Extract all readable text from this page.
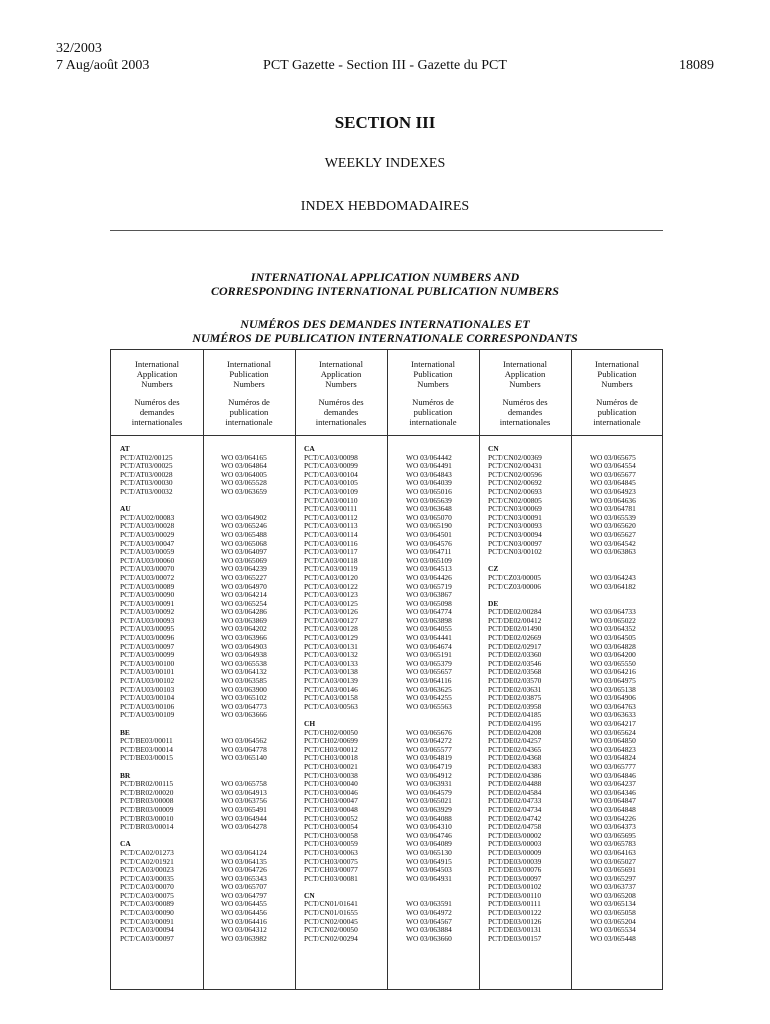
32/2003
7 Aug/août 2003	PCT Gazette - Section III - Gazette du PCT	18089
SECTION III
WEEKLY INDEXES
INDEX HEBDOMADAIRES
INTERNATIONAL APPLICATION NUMBERS AND
CORRESPONDING INTERNATIONAL PUBLICATION NUMBERS
NUMÉROS DES DEMANDES INTERNATIONALES ET
NUMÉROS DE PUBLICATION INTERNATIONALE CORRESPONDANTS
International
Application
Numbers
Numéros des
demandes
internationales
International
Publication
Numbers
Numéros de
publication
internationale
International
Application
Numbers
Numéros des
demandes
internationales
International
Publication
Numbers
Numéros de
publication
internationale
International
Application
Numbers
Numéros des
demandes
internationales
International
Publication
Numbers
Numéros de
publication
internationale
AT
PCT/AT02/00125
PCT/AT03/00025
PCT/AT03/00028
PCT/AT03/00030
PCT/AT03/00032
AU
PCT/AU02/00083
PCT/AU03/00028
PCT/AU03/00029
PCT/AU03/00047
PCT/AU03/00059
PCT/AU03/00060
PCT/AU03/00070
PCT/AU03/00072
PCT/AU03/00089
PCT/AU03/00090
PCT/AU03/00091
PCT/AU03/00092
PCT/AU03/00093
PCT/AU03/00095
PCT/AU03/00096
PCT/AU03/00097
PCT/AU03/00099
PCT/AU03/00100
PCT/AU03/00101
PCT/AU03/00102
PCT/AU03/00103
PCT/AU03/00104
PCT/AU03/00106
PCT/AU03/00109
BE
PCT/BE03/00011
PCT/BE03/00014
PCT/BE03/00015
BR
PCT/BR02/00115
PCT/BR02/00020
PCT/BR03/00008
PCT/BR03/00009
PCT/BR03/00010
PCT/BR03/00014
CA
PCT/CA02/01273
PCT/CA02/01921
PCT/CA03/00023
PCT/CA03/00035
PCT/CA03/00070
PCT/CA03/00075
PCT/CA03/00089
PCT/CA03/00090
PCT/CA03/00091
PCT/CA03/00094
PCT/CA03/00097
WO 03/064165
WO 03/064864
WO 03/064005
WO 03/065528
WO 03/063659
WO 03/064902
WO 03/065246
WO 03/065488
WO 03/065068
WO 03/064097
WO 03/065069
WO 03/064239
WO 03/065227
WO 03/064970
WO 03/064214
WO 03/065254
WO 03/064286
WO 03/063869
WO 03/064202
WO 03/063966
WO 03/064903
WO 03/064938
WO 03/065538
WO 03/064132
WO 03/063585
WO 03/063900
WO 03/065102
WO 03/064773
WO 03/063666
WO 03/064562
WO 03/064778
WO 03/065140
WO 03/065758
WO 03/064913
WO 03/063756
WO 03/065491
WO 03/064944
WO 03/064278
WO 03/064124
WO 03/064135
WO 03/064726
WO 03/065343
WO 03/065707
WO 03/064797
WO 03/064455
WO 03/064456
WO 03/064416
WO 03/064312
WO 03/063982
CA
PCT/CA03/00098
PCT/CA03/00099
PCT/CA03/00104
PCT/CA03/00105
PCT/CA03/00109
PCT/CA03/00110
PCT/CA03/00111
PCT/CA03/00112
PCT/CA03/00113
PCT/CA03/00114
PCT/CA03/00116
PCT/CA03/00117
PCT/CA03/00118
PCT/CA03/00119
PCT/CA03/00120
PCT/CA03/00122
PCT/CA03/00123
PCT/CA03/00125
PCT/CA03/00126
PCT/CA03/00127
PCT/CA03/00128
PCT/CA03/00129
PCT/CA03/00131
PCT/CA03/00132
PCT/CA03/00133
PCT/CA03/00138
PCT/CA03/00139
PCT/CA03/00146
PCT/CA03/00158
PCT/CA03/00563
CH
PCT/CH02/00050
PCT/CH02/00699
PCT/CH03/00012
PCT/CH03/00018
PCT/CH03/00021
PCT/CH03/00038
PCT/CH03/00040
PCT/CH03/00046
PCT/CH03/00047
PCT/CH03/00048
PCT/CH03/00052
PCT/CH03/00054
PCT/CH03/00058
PCT/CH03/00059
PCT/CH03/00063
PCT/CH03/00075
PCT/CH03/00077
PCT/CH03/00081
CN
PCT/CN01/01641
PCT/CN01/01655
PCT/CN02/00045
PCT/CN02/00050
PCT/CN02/00294
WO 03/064442
WO 03/064491
WO 03/064843
WO 03/064039
WO 03/065016
WO 03/065639
WO 03/063648
WO 03/065070
WO 03/065190
WO 03/064501
WO 03/064576
WO 03/064711
WO 03/065109
WO 03/064513
WO 03/064426
WO 03/065719
WO 03/063867
WO 03/065098
WO 03/064774
WO 03/063898
WO 03/064055
WO 03/064441
WO 03/064674
WO 03/065191
WO 03/065379
WO 03/065657
WO 03/064116
WO 03/063625
WO 03/064255
WO 03/065563
WO 03/065676
WO 03/064272
WO 03/065577
WO 03/064819
WO 03/064719
WO 03/064912
WO 03/063931
WO 03/064579
WO 03/065021
WO 03/063929
WO 03/064088
WO 03/064310
WO 03/064746
WO 03/064089
WO 03/065130
WO 03/064915
WO 03/064503
WO 03/064931
WO 03/063591
WO 03/064972
WO 03/064567
WO 03/063884
WO 03/063660
CN
PCT/CN02/00369
PCT/CN02/00431
PCT/CN02/00596
PCT/CN02/00692
PCT/CN02/00693
PCT/CN02/00805
PCT/CN03/00069
PCT/CN03/00091
PCT/CN03/00093
PCT/CN03/00094
PCT/CN03/00097
PCT/CN03/00102
CZ
PCT/CZ03/00005
PCT/CZ03/00006
DE
PCT/DE02/00284
PCT/DE02/00412
PCT/DE02/01490
PCT/DE02/02669
PCT/DE02/02917
PCT/DE02/03360
PCT/DE02/03546
PCT/DE02/03568
PCT/DE02/03570
PCT/DE02/03631
PCT/DE02/03875
PCT/DE02/03958
PCT/DE02/04185
PCT/DE02/04195
PCT/DE02/04208
PCT/DE02/04257
PCT/DE02/04365
PCT/DE02/04368
PCT/DE02/04383
PCT/DE02/04386
PCT/DE02/04488
PCT/DE02/04584
PCT/DE02/04733
PCT/DE02/04734
PCT/DE02/04742
PCT/DE02/04758
PCT/DE03/00002
PCT/DE03/00003
PCT/DE03/00009
PCT/DE03/00039
PCT/DE03/00076
PCT/DE03/00097
PCT/DE03/00102
PCT/DE03/00110
PCT/DE03/00111
PCT/DE03/00122
PCT/DE03/00126
PCT/DE03/00131
PCT/DE03/00157
WO 03/065675
WO 03/064554
WO 03/065677
WO 03/064845
WO 03/064923
WO 03/064636
WO 03/064781
WO 03/065539
WO 03/065620
WO 03/065627
WO 03/064542
WO 03/063863
WO 03/064243
WO 03/064182
WO 03/064733
WO 03/065022
WO 03/064352
WO 03/064505
WO 03/064828
WO 03/064200
WO 03/065550
WO 03/064216
WO 03/064975
WO 03/065138
WO 03/064906
WO 03/064763
WO 03/063633
WO 03/064217
WO 03/065624
WO 03/064850
WO 03/064823
WO 03/064824
WO 03/065777
WO 03/064846
WO 03/064237
WO 03/064346
WO 03/064847
WO 03/064848
WO 03/064226
WO 03/064373
WO 03/065695
WO 03/065783
WO 03/064163
WO 03/065027
WO 03/065691
WO 03/065297
WO 03/063737
WO 03/065208
WO 03/065134
WO 03/065058
WO 03/065204
WO 03/065534
WO 03/065448
